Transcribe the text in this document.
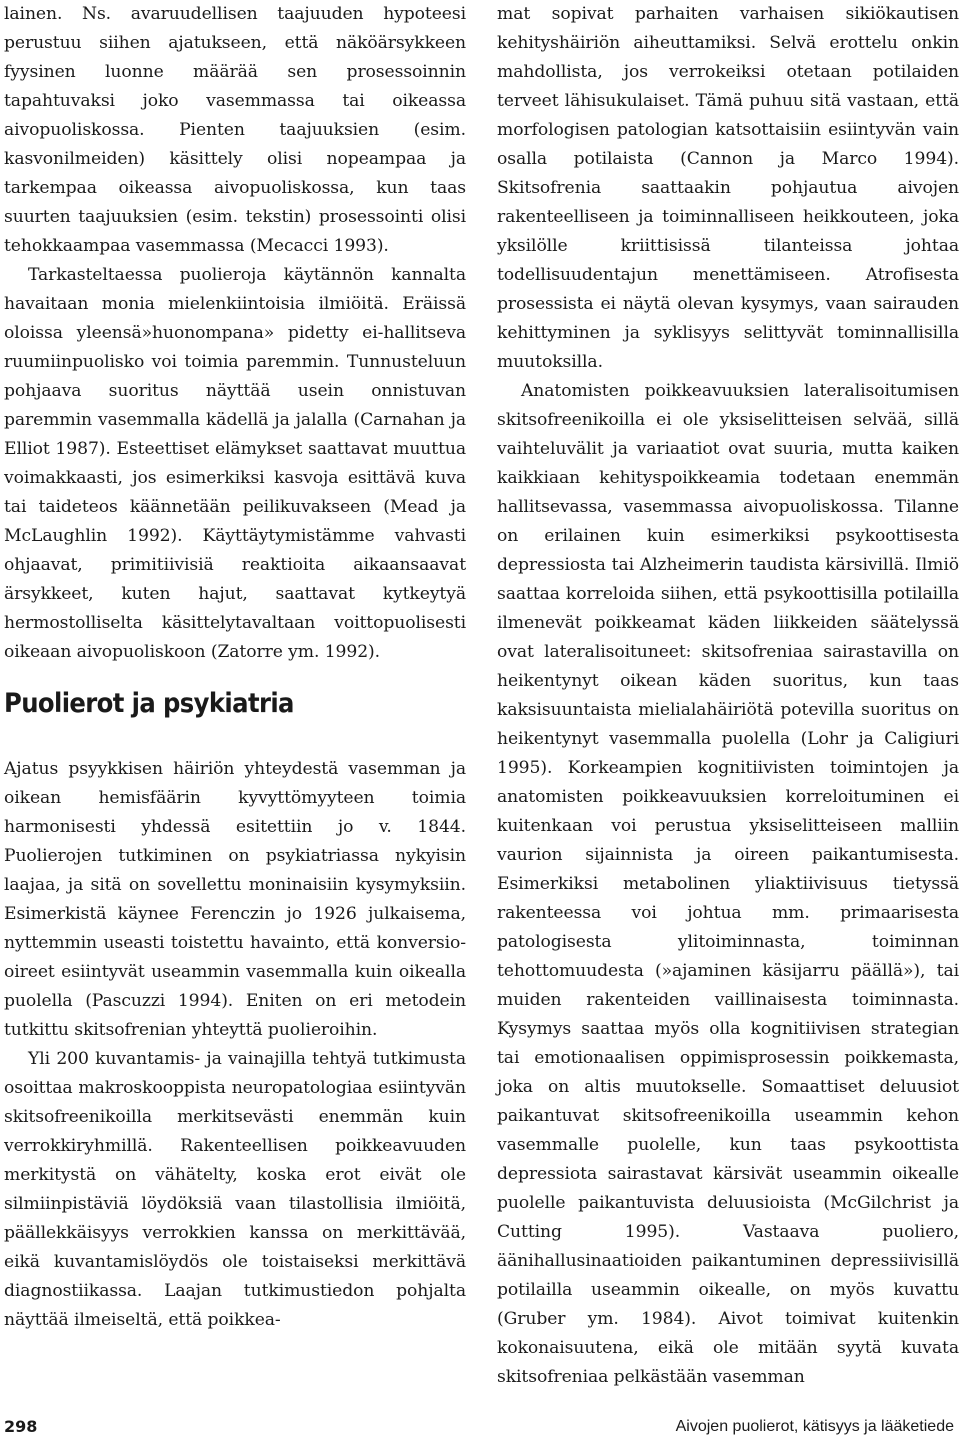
lainen. Ns. avaruudellisen taajuuden hypoteesi perustuu siihen ajatukseen, että näköärsykkeen fyysinen luonne määrää sen prosessoinnin tapahtuvaksi joko vasemmassa tai oikeassa aivopuoliskossa. Pienten taajuuksien (esim. kasvonilmeiden) käsittely olisi nopeampaa ja tarkempaa oikeassa aivopuoliskossa, kun taas suurten taajuuksien (esim. tekstin) prosessointi olisi tehokkaampaa vasemmassa (Mecacci 1993).

Tarkasteltaessa puolieroja käytännön kannalta havaitaan monia mielenkiintoisia ilmiöitä. Eräissä oloissa yleensä»huonompana» pidetty ei-hallitseva ruumiinpuolisko voi toimia paremmin. Tunnusteluun pohjaava suoritus näyttää usein onnistuvan paremmin vasemmalla kädellä ja jalalla (Carnahan ja Elliot 1987). Esteettiset elämykset saattavat muuttua voimakkaasti, jos esimerkiksi kasvoja esittävä kuva tai taideteos käännetään peilikuvakseen (Mead ja McLaughlin 1992). Käyttäytymistämme vahvasti ohjaavat, primitiivisiä reaktioita aikaansaavat ärsykkeet, kuten hajut, saattavat kytkeytyä hermostolliselta käsittelytavaltaan voittopuolisesti oikeaan aivopuoliskoon (Zatorre ym. 1992).

Puolierot ja psykiatria

Ajatus psyykkisen häiriön yhteydestä vasemman ja oikean hemisfäärin kyvyttömyyteen toimia harmonisesti yhdessä esitettiin jo v. 1844. Puolierojen tutkiminen on psykiatriassa nykyisin laajaa, ja sitä on sovellettu moninaisiin kysymyksiin. Esimerkistä käynee Ferenczin jo 1926 julkaisema, nyttemmin useasti toistettu havainto, että konversio-oireet esiintyvät useammin vasemmalla kuin oikealla puolella (Pascuzzi 1994). Eniten on eri metodein tutkittu skitsofrenian yhteyttä puolieroihin.

Yli 200 kuvantamis- ja vainajilla tehtyä tutkimusta osoittaa makroskooppista neuropatologiaa esiintyvän skitsofreenikoilla merkitsevästi enemmän kuin verrokkiryhmillä. Rakenteellisen poikkeavuuden merkitystä on vähätelty, koska erot eivät ole silmiinpistäviä löydöksiä vaan tilastollisia ilmiöitä, päällekkäisyys verrokkien kanssa on merkittävää, eikä kuvantamislöydös ole toistaiseksi merkittävä diagnostiikassa. Laajan tutkimustiedon pohjalta näyttää ilmeiseltä, että poikkea-

mat sopivat parhaiten varhaisen sikiökautisen kehityshäiriön aiheuttamiksi. Selvä erottelu onkin mahdollista, jos verrokeiksi otetaan potilaiden terveet lähisukulaiset. Tämä puhuu sitä vastaan, että morfologisen patologian katsottaisiin esiintyvän vain osalla potilaista (Cannon ja Marco 1994). Skitsofrenia saattaakin pohjautua aivojen rakenteelliseen ja toiminnalliseen heikkouteen, joka yksilölle kriittisissä tilanteissa johtaa todellisuudentajun menettämiseen. Atrofisesta prosessista ei näytä olevan kysymys, vaan sairauden kehittyminen ja syklisyys selittyvät tominnallisilla muutoksilla.

Anatomisten poikkeavuuksien lateralisoitumisen skitsofreenikoilla ei ole yksiselitteisen selvää, sillä vaihteluvälit ja variaatiot ovat suuria, mutta kaiken kaikkiaan kehityspoikkeamia todetaan enemmän hallitsevassa, vasemmassa aivopuoliskossa. Tilanne on erilainen kuin esimerkiksi psykoottisesta depressiosta tai Alzheimerin taudista kärsivillä. Ilmiö saattaa korreloida siihen, että psykoottisilla potilailla ilmenevät poikkeamat käden liikkeiden säätelyssä ovat lateralisoituneet: skitsofreniaa sairastavilla on heikentynyt oikean käden suoritus, kun taas kaksisuuntaista mielialahäiriötä potevilla suoritus on heikentynyt vasemmalla puolella (Lohr ja Caligiuri 1995). Korkeampien kognitiivisten toimintojen ja anatomisten poikkeavuuksien korreloituminen ei kuitenkaan voi perustua yksiselitteiseen malliin vaurion sijainnista ja oireen paikantumisesta. Esimerkiksi metabolinen yliaktiivisuus tietyssä rakenteessa voi johtua mm. primaarisesta patologisesta ylitoiminnasta, toiminnan tehottomuudesta (»ajaminen käsijarru päällä»), tai muiden rakenteiden vaillinaisesta toiminnasta. Kysymys saattaa myös olla kognitiivisen strategian tai emotionaalisen oppimisprosessin poikkemasta, joka on altis muutokselle. Somaattiset deluusiot paikantuvat skitsofreenikoilla useammin kehon vasemmalle puolelle, kun taas psykoottista depressiota sairastavat kärsivät useammin oikealle puolelle paikantuvista deluusioista (McGilchrist ja Cutting 1995). Vastaava puoliero, äänihallusinaatioiden paikantuminen depressiivisillä potilailla useammin oikealle, on myös kuvattu (Gruber ym. 1984). Aivot toimivat kuitenkin kokonaisuutena, eikä ole mitään syytä kuvata skitsofreniaa pelkästään vasemman

298	Aivojen puolierot, kätisyys ja lääketiede
